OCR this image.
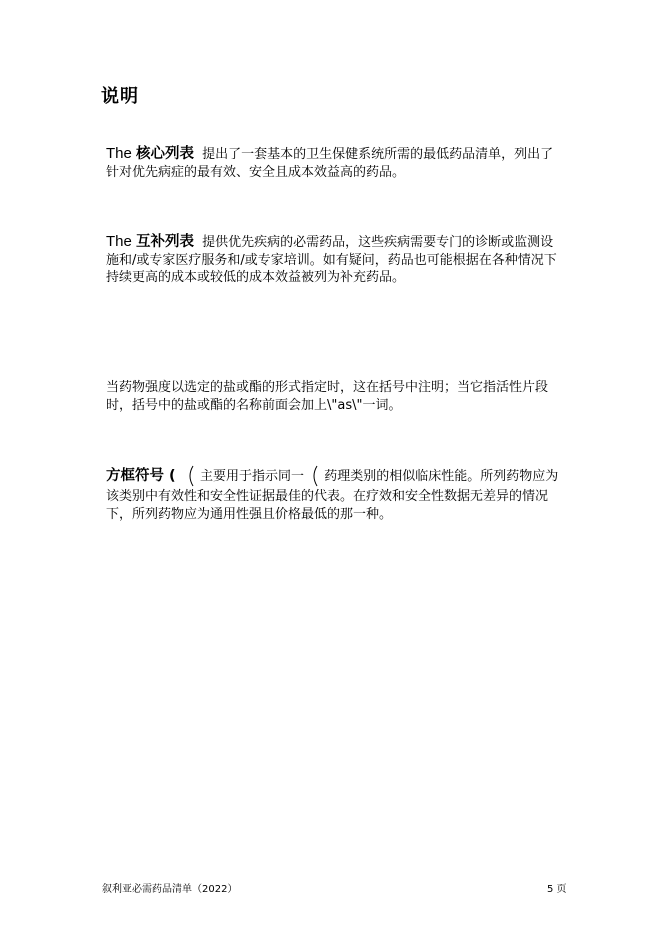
说明
The 核心列表 提出了一套基本的卫生保健系统所需的最低药品清单，列出了针对优先病症的最有效、安全且成本效益高的药品。
The 互补列表 提供优先疾病的必需药品，这些疾病需要专门的诊断或监测设施和/或专家医疗服务和/或专家培训。如有疑问，药品也可能根据在各种情况下持续更高的成本或较低的成本效益被列为补充药品。
当药物强度以选定的盐或酯的形式指定时，这在括号中注明；当它指活性片段时，括号中的盐或酯的名称前面会加上\"as\"一词。
方框符号 ( 主要用于指示同一 药理类别的相似临床性能。所列药物应为该类别中有效性和安全性证据最佳的代表。在疗效和安全性数据无差异的情况下，所列药物应为通用性强且价格最低的那一种。
叙利亚必需药品清单（2022）	5 页
